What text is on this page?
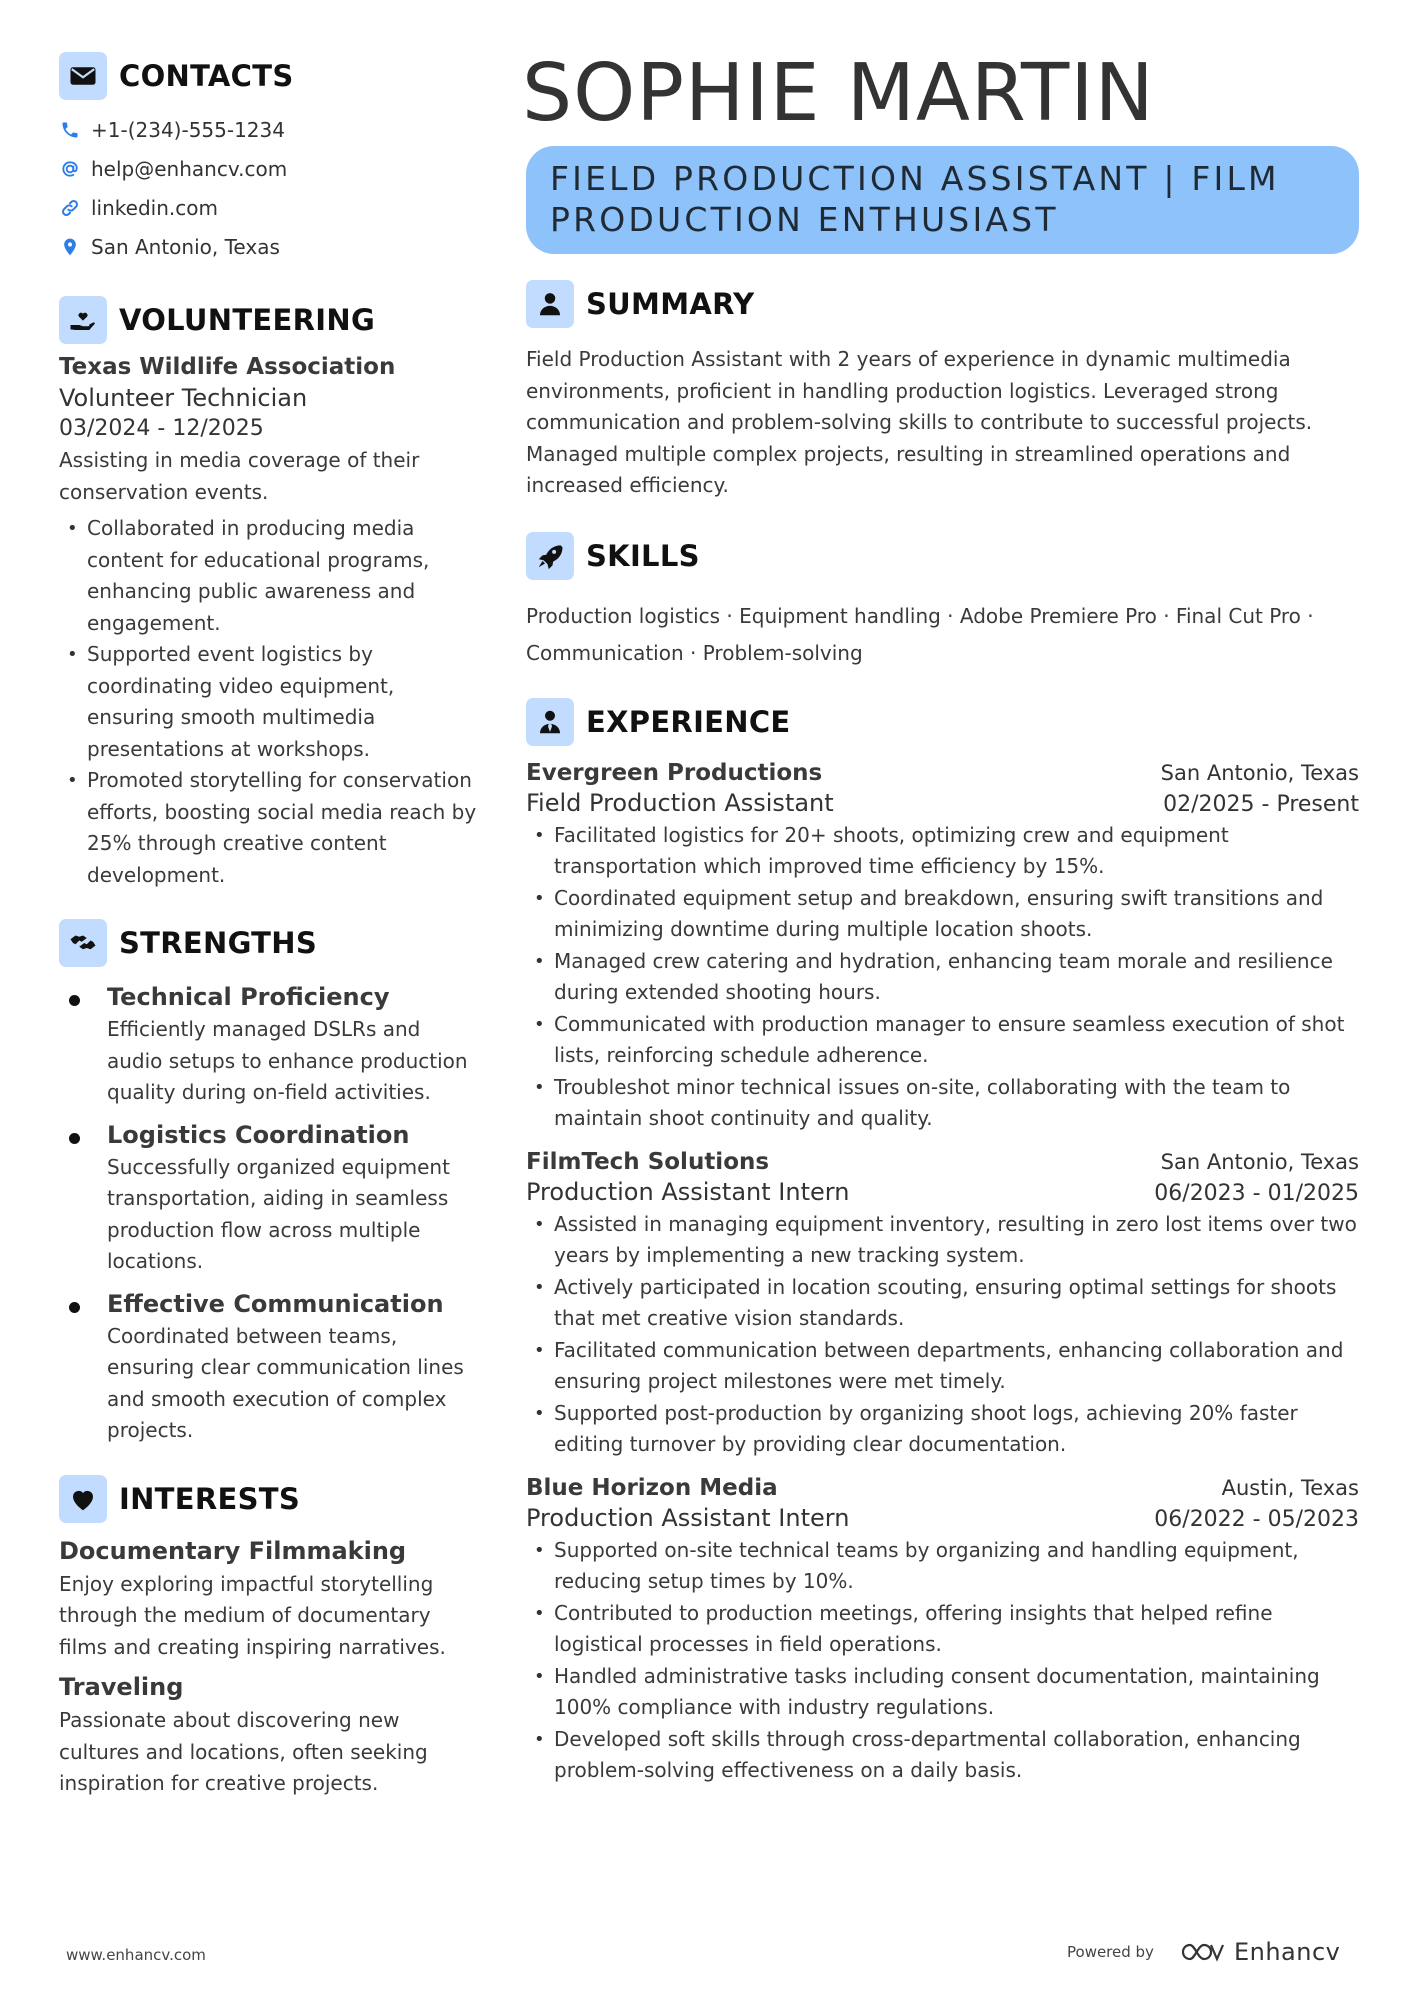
CONTACTS
+1-(234)-555-1234
help@enhancv.com
linkedin.com
San Antonio, Texas
VOLUNTEERING
Texas Wildlife Association
Volunteer Technician
03/2024 - 12/2025
Assisting in media coverage of their conservation events.
• Collaborated in producing media content for educational programs, enhancing public awareness and engagement.
• Supported event logistics by coordinating video equipment, ensuring smooth multimedia presentations at workshops.
• Promoted storytelling for conservation efforts, boosting social media reach by 25% through creative content development.
STRENGTHS
Technical Proficiency
Efficiently managed DSLRs and audio setups to enhance production quality during on-field activities.
Logistics Coordination
Successfully organized equipment transportation, aiding in seamless production flow across multiple locations.
Effective Communication
Coordinated between teams, ensuring clear communication lines and smooth execution of complex projects.
INTERESTS
Documentary Filmmaking
Enjoy exploring impactful storytelling through the medium of documentary films and creating inspiring narratives.
Traveling
Passionate about discovering new cultures and locations, often seeking inspiration for creative projects.
SOPHIE MARTIN
FIELD PRODUCTION ASSISTANT | FILM
PRODUCTION ENTHUSIAST
SUMMARY
Field Production Assistant with 2 years of experience in dynamic multimedia environments, proficient in handling production logistics. Leveraged strong communication and problem-solving skills to contribute to successful projects. Managed multiple complex projects, resulting in streamlined operations and increased efficiency.
SKILLS
Production logistics · Equipment handling · Adobe Premiere Pro · Final Cut Pro ·
Communication · Problem-solving
EXPERIENCE
Evergreen Productions	San Antonio, Texas
Field Production Assistant	02/2025 - Present
• Facilitated logistics for 20+ shoots, optimizing crew and equipment transportation which improved time efficiency by 15%.
• Coordinated equipment setup and breakdown, ensuring swift transitions and minimizing downtime during multiple location shoots.
• Managed crew catering and hydration, enhancing team morale and resilience during extended shooting hours.
• Communicated with production manager to ensure seamless execution of shot lists, reinforcing schedule adherence.
• Troubleshot minor technical issues on-site, collaborating with the team to maintain shoot continuity and quality.
FilmTech Solutions	San Antonio, Texas
Production Assistant Intern	06/2023 - 01/2025
• Assisted in managing equipment inventory, resulting in zero lost items over two years by implementing a new tracking system.
• Actively participated in location scouting, ensuring optimal settings for shoots that met creative vision standards.
• Facilitated communication between departments, enhancing collaboration and ensuring project milestones were met timely.
• Supported post-production by organizing shoot logs, achieving 20% faster editing turnover by providing clear documentation.
Blue Horizon Media	Austin, Texas
Production Assistant Intern	06/2022 - 05/2023
• Supported on-site technical teams by organizing and handling equipment, reducing setup times by 10%.
• Contributed to production meetings, offering insights that helped refine logistical processes in field operations.
• Handled administrative tasks including consent documentation, maintaining 100% compliance with industry regulations.
• Developed soft skills through cross-departmental collaboration, enhancing problem-solving effectiveness on a daily basis.
www.enhancv.com	Powered by	Enhancv
